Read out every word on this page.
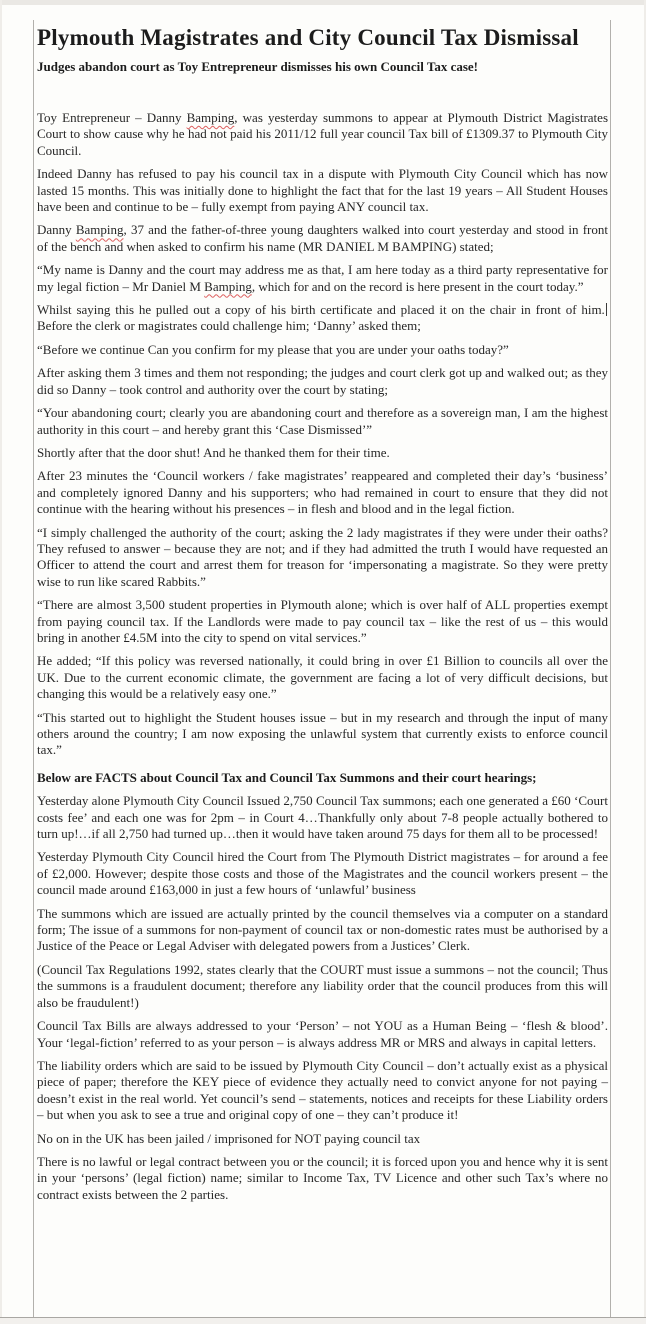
Plymouth Magistrates and City Council Tax Dismissal
Judges abandon court as Toy Entrepreneur dismisses his own Council Tax case!

Toy Entrepreneur – Danny Bamping, was yesterday summons to appear at Plymouth District Magistrates Court to show cause why he had not paid his 2011/12 full year council Tax bill of £1309.37 to Plymouth City Council.

Indeed Danny has refused to pay his council tax in a dispute with Plymouth City Council which has now lasted 15 months. This was initially done to highlight the fact that for the last 19 years – All Student Houses have been and continue to be – fully exempt from paying ANY council tax.

Danny Bamping, 37 and the father-of-three young daughters walked into court yesterday and stood in front of the bench and when asked to confirm his name (MR DANIEL M BAMPING) stated;

“My name is Danny and the court may address me as that, I am here today as a third party representative for my legal fiction – Mr Daniel M Bamping, which for and on the record is here present in the court today.”

Whilst saying this he pulled out a copy of his birth certificate and placed it on the chair in front of him. Before the clerk or magistrates could challenge him; ‘Danny’ asked them;

“Before we continue Can you confirm for my please that you are under your oaths today?”

After asking them 3 times and them not responding; the judges and court clerk got up and walked out; as they did so Danny – took control and authority over the court by stating;

“Your abandoning court; clearly you are abandoning court and therefore as a sovereign man, I am the highest authority in this court – and hereby grant this ‘Case Dismissed’”

Shortly after that the door shut! And he thanked them for their time.

After 23 minutes the ‘Council workers / fake magistrates’ reappeared and completed their day’s ‘business’ and completely ignored Danny and his supporters; who had remained in court to ensure that they did not continue with the hearing without his presences – in flesh and blood and in the legal fiction.

“I simply challenged the authority of the court; asking the 2 lady magistrates if they were under their oaths? They refused to answer – because they are not; and if they had admitted the truth I would have requested an Officer to attend the court and arrest them for treason for ‘impersonating a magistrate. So they were pretty wise to run like scared Rabbits.”

“There are almost 3,500 student properties in Plymouth alone; which is over half of ALL properties exempt from paying council tax. If the Landlords were made to pay council tax – like the rest of us – this would bring in another £4.5M into the city to spend on vital services.”

He added; “If this policy was reversed nationally, it could bring in over £1 Billion to councils all over the UK. Due to the current economic climate, the government are facing a lot of very difficult decisions, but changing this would be a relatively easy one.”

“This started out to highlight the Student houses issue – but in my research and through the input of many others around the country; I am now exposing the unlawful system that currently exists to enforce council tax.”

Below are FACTS about Council Tax and Council Tax Summons and their court hearings;

Yesterday alone Plymouth City Council Issued 2,750 Council Tax summons; each one generated a £60 ‘Court costs fee’ and each one was for 2pm – in Court 4…Thankfully only about 7-8 people actually bothered to turn up!…if all 2,750 had turned up…then it would have taken around 75 days for them all to be processed!

Yesterday Plymouth City Council hired the Court from The Plymouth District magistrates – for around a fee of £2,000. However; despite those costs and those of the Magistrates and the council workers present – the council made around £163,000 in just a few hours of ‘unlawful’ business

The summons which are issued are actually printed by the council themselves via a computer on a standard form; The issue of a summons for non-payment of council tax or non-domestic rates must be authorised by a Justice of the Peace or Legal Adviser with delegated powers from a Justices’ Clerk.

(Council Tax Regulations 1992, states clearly that the COURT must issue a summons – not the council; Thus the summons is a fraudulent document; therefore any liability order that the council produces from this will also be fraudulent!)

Council Tax Bills are always addressed to your ‘Person’ – not YOU as a Human Being – ‘flesh & blood’. Your ‘legal-fiction’ referred to as your person – is always address MR or MRS and always in capital letters.

The liability orders which are said to be issued by Plymouth City Council – don’t actually exist as a physical piece of paper; therefore the KEY piece of evidence they actually need to convict anyone for not paying – doesn’t exist in the real world. Yet council’s send – statements, notices and receipts for these Liability orders – but when you ask to see a true and original copy of one – they can’t produce it!

No on in the UK has been jailed / imprisoned for NOT paying council tax

There is no lawful or legal contract between you or the council; it is forced upon you and hence why it is sent in your ‘persons’ (legal fiction) name; similar to Income Tax, TV Licence and other such Tax’s where no contract exists between the 2 parties.
